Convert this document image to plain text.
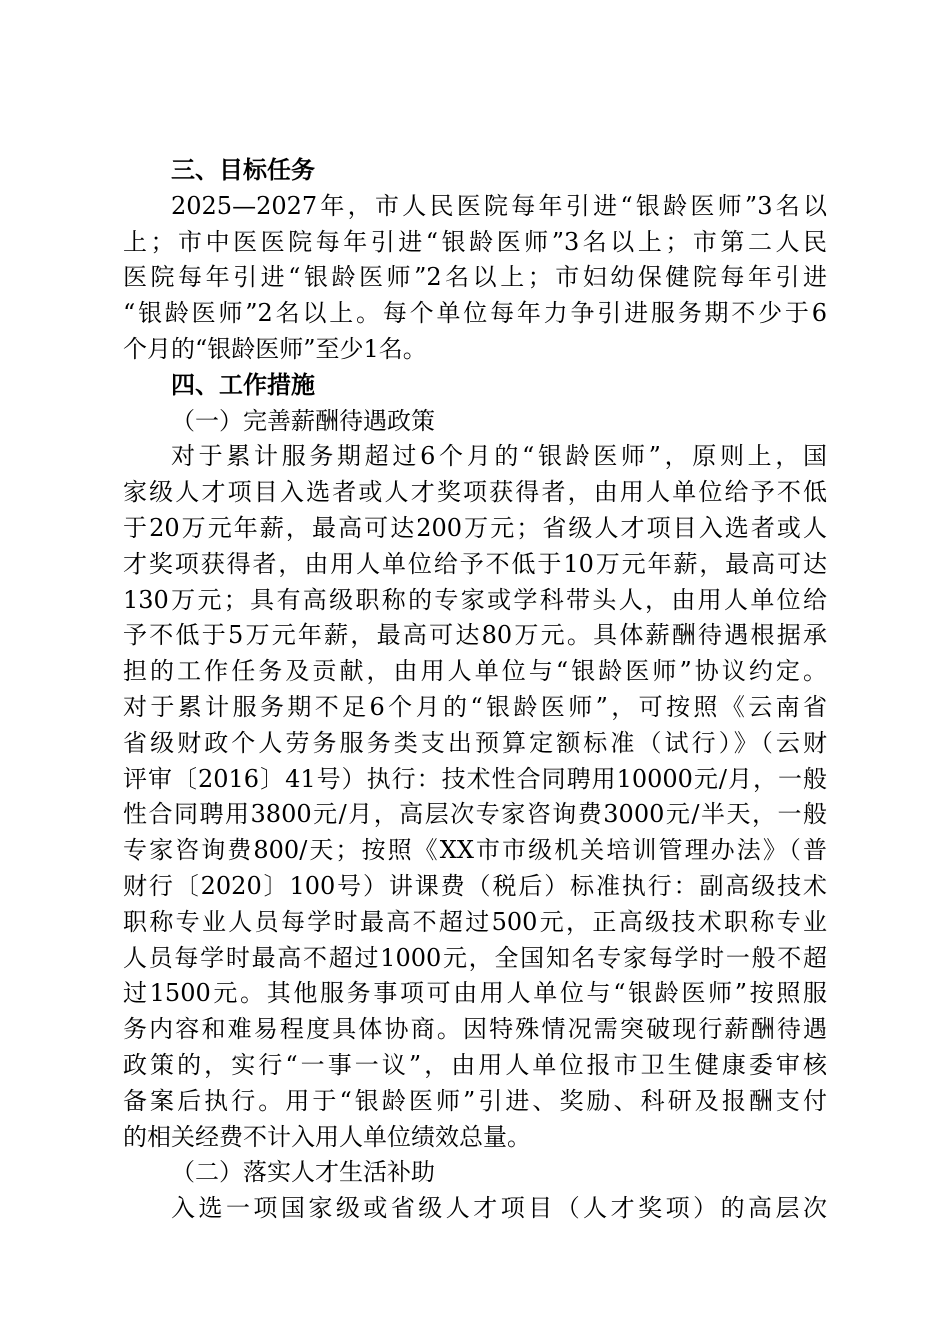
三、目标任务
2025—2027年，市人民医院每年引进“银龄医师”3名以
上；市中医医院每年引进“银龄医师”3名以上；市第二人民
医院每年引进“银龄医师”2名以上；市妇幼保健院每年引进
“银龄医师”2名以上。每个单位每年力争引进服务期不少于6
个月的“银龄医师”至少1名。
四、工作措施
（一）完善薪酬待遇政策
对于累计服务期超过6个月的“银龄医师”，原则上，国
家级人才项目入选者或人才奖项获得者，由用人单位给予不低
于20万元年薪，最高可达200万元；省级人才项目入选者或人
才奖项获得者，由用人单位给予不低于10万元年薪，最高可达
130万元；具有高级职称的专家或学科带头人，由用人单位给
予不低于5万元年薪，最高可达80万元。具体薪酬待遇根据承
担的工作任务及贡献，由用人单位与“银龄医师”协议约定。
对于累计服务期不足6个月的“银龄医师”，可按照《云南省
省级财政个人劳务服务类支出预算定额标准（试行）》（云财
评审〔2016〕41号）执行：技术性合同聘用10000元/月，一般
性合同聘用3800元/月，高层次专家咨询费3000元/半天，一般
专家咨询费800/天；按照《XX市市级机关培训管理办法》（普
财行〔2020〕100号）讲课费（税后）标准执行：副高级技术
职称专业人员每学时最高不超过500元，正高级技术职称专业
人员每学时最高不超过1000元，全国知名专家每学时一般不超
过1500元。其他服务事项可由用人单位与“银龄医师”按照服
务内容和难易程度具体协商。因特殊情况需突破现行薪酬待遇
政策的，实行“一事一议”，由用人单位报市卫生健康委审核
备案后执行。用于“银龄医师”引进、奖励、科研及报酬支付
的相关经费不计入用人单位绩效总量。
（二）落实人才生活补助
入选一项国家级或省级人才项目（人才奖项）的高层次
